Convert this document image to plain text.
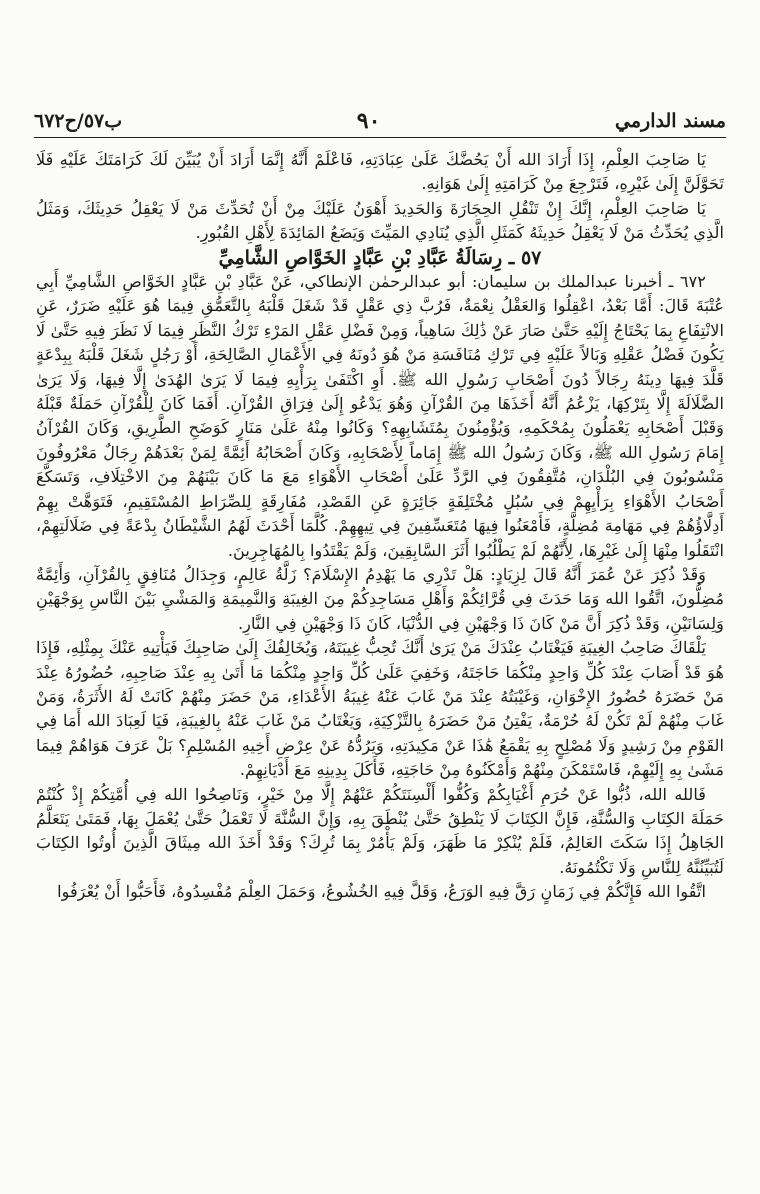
ب٥٧/ح٦٧٢	٩٠	مسند الدارمي

يَا صَاحِبَ العِلْمِ، إِذَا أَرَادَ الله أَنْ يَحُضَّكَ عَلَىٰ عِبَادَتِهِ، فَاعْلَمْ أَنَّهُ إِنَّمَا أَرَادَ أَنْ يُبَيِّنَ لَكَ كَرَامَتَكَ عَلَيْهِ فَلَا تَحَوَّلَنَّ إِلَىٰ غَيْرِهِ، فَتَرْجِعَ مِنْ كَرَامَتِهِ إِلَىٰ هَوَانِهِ.

يَا صَاحِبَ العِلْمِ، إِنَّكَ إِنْ تَنْقُلِ الحِجَارَةَ وَالحَدِيدَ أَهْوَنُ عَلَيْكَ مِنْ أَنْ تُحَدِّثَ مَنْ لَا يَعْقِلُ حَدِيثَكَ، وَمَثَلُ الَّذِي يُحَدِّثُ مَنْ لَا يَعْقِلُ حَدِيثَهُ كَمَثَلِ الَّذِي يُنَادِي المَيِّتَ وَيَضَعُ المَائِدَةَ لِأَهْلِ القُبُورِ.

٥٧ ـ رِسَالَةُ عَبَّادِ بْنِ عَبَّادٍ الخَوَّاصِ الشَّامِيِّ

٦٧٢ ـ أخبرنا عبدالملك بن سليمان: أبو عبدالرحمٰن الإنطاكي، عَنْ عَبَّادِ بْنِ عَبَّادٍ الخَوَّاصِ الشَّامِيِّ أَبِي عُتْبَةَ قَالَ: أَمَّا بَعْدُ، اعْقِلُوا وَالعَقْلُ نِعْمَةٌ، فَرُبَّ ذِي عَقْلٍ قَدْ شَغَلَ قَلْبَهُ بِالتَّعَمُّقِ فِيمَا هُوَ عَلَيْهِ ضَرَرٌ، عَنِ الانْتِفَاعِ بِمَا يَحْتَاجُ إِلَيْهِ حَتَّىٰ صَارَ عَنْ ذَٰلِكَ سَاهِياً، وَمِنْ فَضْلِ عَقْلِ المَرْءِ تَرْكُ النَّظَرِ فِيمَا لَا نَظَرَ فِيهِ حَتَّىٰ لَا يَكُونَ فَضْلُ عَقْلِهِ وَبَالاً عَلَيْهِ فِي تَرْكِ مُنَافَسَةِ مَنْ هُوَ دُونَهُ فِي الأَعْمَالِ الصَّالِحَةِ، أَوْ رَجُلٍ شَغَلَ قَلْبَهُ بِبِدْعَةٍ قَلَّدَ فِيهَا دِينَهُ رِجَالاً دُونَ أَصْحَابِ رَسُولِ الله ﷺ. أَوِ اكْتَفَىٰ بِرَأْيِهِ فِيمَا لَا يَرَىٰ الهُدَىٰ إِلَّا فِيهَا، وَلَا يَرَىٰ الضَّلَالَةَ إِلَّا بِتَرْكِهَا، يَزْعُمُ أَنَّهُ أَخَذَهَا مِنَ القُرْآنِ وَهُوَ يَدْعُو إِلَىٰ فِرَاقِ القُرْآنِ. أَفَمَا كَانَ لِلْقُرْآنِ حَمَلَةٌ قَبْلَهُ وَقَبْلَ أَصْحَابِهِ يَعْمَلُونَ بِمُحْكَمِهِ، وَيُؤْمِنُونَ بِمُتَشَابِهِهِ؟ وَكَانُوا مِنْهُ عَلَىٰ مَنَارٍ كَوَضَحِ الطَّرِيقِ، وَكَانَ القُرْآنُ إِمَامَ رَسُولِ الله ﷺ، وَكَانَ رَسُولُ الله ﷺ إِمَاماً لِأَصْحَابِهِ، وَكَانَ أَصْحَابُهُ أَئِمَّةً لِمَنْ بَعْدَهُمْ رِجَالٌ مَعْرُوفُونَ مَنْسُوبُونَ فِي البُلْدَانِ، مُتَّفِقُونَ فِي الرَّدِّ عَلَىٰ أَصْحَابِ الأَهْوَاءِ مَعَ مَا كَانَ بَيْنَهُمْ مِنَ الاخْتِلَافِ، وَتَسَكَّعَ أَصْحَابُ الأَهْوَاءِ بِرَأْيِهِمْ فِي سُبُلٍ مُخْتَلِفَةٍ جَائِرَةٍ عَنِ القَصْدِ، مُفَارِقَةٍ لِلصِّرَاطِ المُسْتَقِيمِ، فَتَوَهَّتْ بِهِمْ أَدِلَّاؤُهُمْ فِي مَهَامِهَ مُضِلَّةٍ، فَأَمْعَنُوا فِيهَا مُتَعَسِّفِينَ فِي تِيهِهِمْ. كُلَّمَا أَحْدَثَ لَهُمُ الشَّيْطَانُ بِدْعَةً فِي ضَلَالَتِهِمْ، انْتَقَلُوا مِنْهَا إِلَىٰ غَيْرِهَا، لِأَنَّهُمْ لَمْ يَطْلُبُوا أَثَرَ السَّابِقِينَ، وَلَمْ يَقْتَدُوا بِالمُهَاجِرِينَ.

وَقَدْ ذُكِرَ عَنْ عُمَرَ أَنَّهُ قَالَ لِزِيَادٍ: هَلْ تَدْرِي مَا يَهْدِمُ الإِسْلَامَ؟ زَلَّةُ عَالِمٍ، وَجِدَالُ مُنَافِقٍ بِالقُرْآنِ، وَأَئِمَّةٌ مُضِلُّونَ، اتَّقُوا الله وَمَا حَدَثَ فِي قُرَّائِكُمْ وَأَهْلِ مَسَاجِدِكُمْ مِنَ الغِيبَةِ وَالنَّمِيمَةِ وَالمَشْيِ بَيْنَ النَّاسِ بِوَجْهَيْنِ وَلِسَانَيْنِ، وَقَدْ ذُكِرَ أَنَّ مَنْ كَانَ ذَا وَجْهَيْنِ فِي الدُّنْيَا، كَانَ ذَا وَجْهَيْنِ فِي النَّارِ.

يَلْقَاكَ صَاحِبُ الغِيبَةِ فَيَغْتَابُ عِنْدَكَ مَنْ يَرَىٰ أَنَّكَ تُحِبُّ غِيبَتَهُ، وَيُخَالِفُكَ إِلَىٰ صَاحِبِكَ فَيَأْتِيهِ عَنْكَ بِمِثْلِهِ، فَإِذَا هُوَ قَدْ أَصَابَ عِنْدَ كُلِّ وَاحِدٍ مِنْكُمَا حَاجَتَهُ، وَخَفِيَ عَلَىٰ كُلِّ وَاحِدٍ مِنْكُمَا مَا أَتَىٰ بِهِ عِنْدَ صَاحِبِهِ، حُضُورُهُ عِنْدَ مَنْ حَضَرَهُ حُضُورُ الإِخْوَانِ، وَغَيْبَتُهُ عِنْدَ مَنْ غَابَ عَنْهُ غِيبَةُ الأَعْدَاءِ، مَنْ حَضَرَ مِنْهُمْ كَانَتْ لَهُ الأَثَرَةُ، وَمَنْ غَابَ مِنْهُمْ لَمْ تَكُنْ لَهُ حُرْمَةٌ، يَفْتِنُ مَنْ حَضَرَهُ بِالتَّزْكِيَةِ، وَيَغْتَابُ مَنْ غَابَ عَنْهُ بِالغِيبَةِ، فَيَا لَعِبَادَ الله أَمَا فِي القَوْمِ مِنْ رَشِيدٍ وَلَا مُصْلِحٍ بِهِ يَقْمَعُ هَٰذَا عَنْ مَكِيدَتِهِ، وَيَرُدُّهُ عَنْ عِرْضِ أَخِيهِ المُسْلِمِ؟ بَلْ عَرَفَ هَوَاهُمْ فِيمَا مَشَىٰ بِهِ إِلَيْهِمْ، فَاسْتَمْكَنَ مِنْهُمْ وَأَمْكَنُوهُ مِنْ حَاجَتِهِ، فَأَكَلَ بِدِينِهِ مَعَ أَدْيَانِهِمْ.

فَالله الله، ذُبُّوا عَنْ حُرَمِ أَغْيَابِكُمْ وَكُفُّوا أَلْسِنَتَكُمْ عَنْهُمْ إِلَّا مِنْ خَيْرٍ، وَنَاصِحُوا الله فِي أُمَّتِكُمْ إِذْ كُنْتُمْ حَمَلَةَ الكِتَابِ وَالسُّنَّةِ، فَإِنَّ الكِتَابَ لَا يَنْطِقُ حَتَّىٰ يُنْطَقَ بِهِ، وَإِنَّ السُّنَّةَ لَا تَعْمَلُ حَتَّىٰ يُعْمَلَ بِهَا، فَمَتَىٰ يَتَعَلَّمُ الجَاهِلُ إِذَا سَكَتَ العَالِمُ، فَلَمْ يُنْكِرْ مَا ظَهَرَ، وَلَمْ يَأْمُرْ بِمَا تُرِكَ؟ وَقَدْ أَخَذَ الله مِيثَاقَ الَّذِينَ أُوتُوا الكِتَابَ لَتُبَيِّنُنَّهُ لِلنَّاسِ وَلَا تَكْتُمُونَهُ.

اتَّقُوا الله فَإِنَّكُمْ فِي زَمَانٍ رَقَّ فِيهِ الوَرَعُ، وَقَلَّ فِيهِ الخُشُوعُ، وَحَمَلَ العِلْمَ مُفْسِدُوهُ، فَأَحَبُّوا أَنْ يُعْرَفُوا
